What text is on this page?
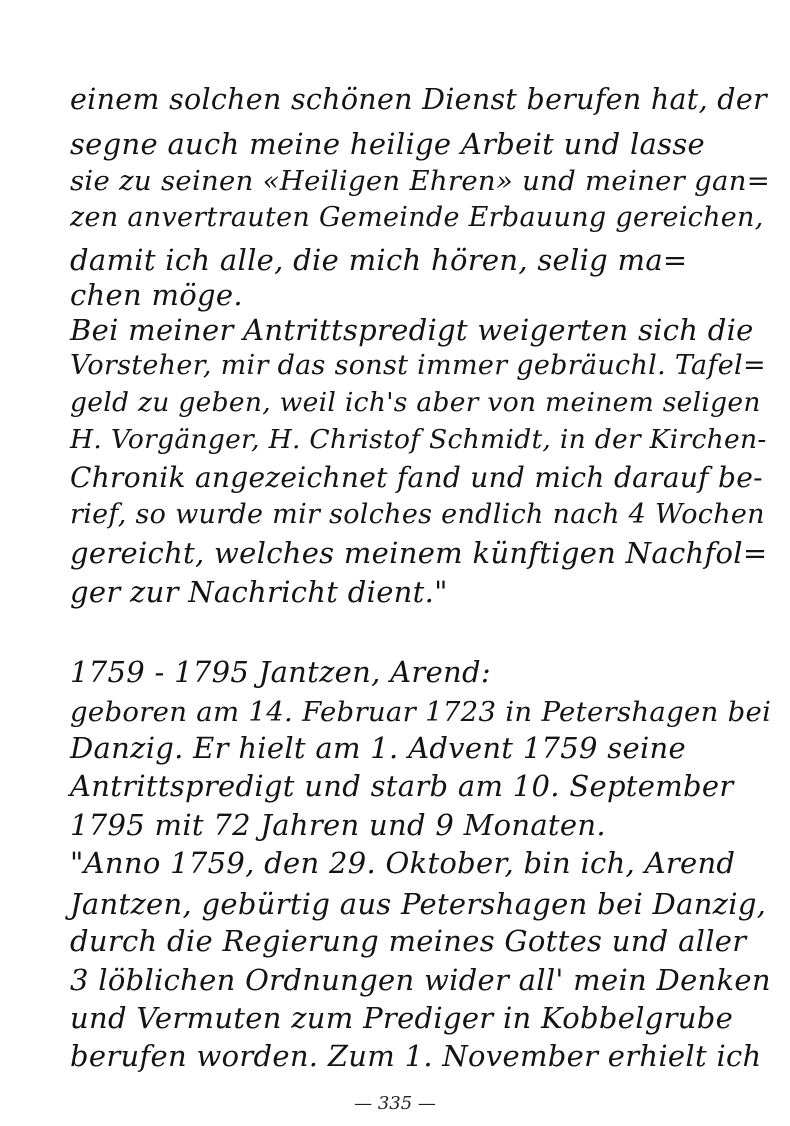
einem solchen schönen Dienst berufen hat, der
segne auch meine heilige Arbeit und lasse
sie zu seinen «Heiligen Ehren» und meiner gan=
zen anvertrauten Gemeinde Erbauung gereichen,
damit ich alle, die mich hören, selig ma=
chen möge.
Bei meiner Antrittspredigt weigerten sich die
Vorsteher, mir das sonst immer gebräuchl. Tafel=
geld zu geben, weil ich's aber von meinem seligen
H. Vorgänger, H. Christof Schmidt, in der Kirchen-
Chronik angezeichnet fand und mich darauf be-
rief, so wurde mir solches endlich nach 4 Wochen
gereicht, welches meinem künftigen Nachfol=
ger zur Nachricht dient."
1759 - 1795 Jantzen, Arend:
geboren am 14. Februar 1723 in Petershagen bei
Danzig. Er hielt am 1. Advent 1759 seine
Antrittspredigt und starb am 10. September
1795 mit 72 Jahren und 9 Monaten.
"Anno 1759, den 29. Oktober, bin ich, Arend
Jantzen, gebürtig aus Petershagen bei Danzig,
durch die Regierung meines Gottes und aller
3 löblichen Ordnungen wider all' mein Denken
und Vermuten zum Prediger in Kobbelgrube
berufen worden. Zum 1. November erhielt ich
— 335 —
